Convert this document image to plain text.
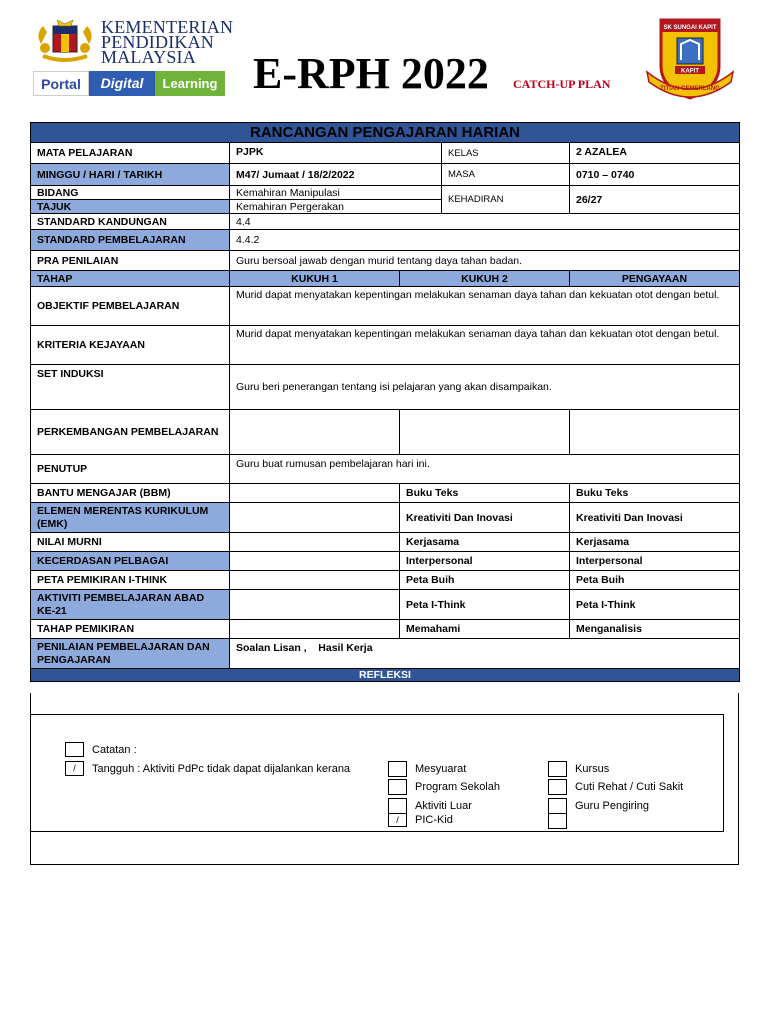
KEMENTERIAN
PENDIDIKAN
MALAYSIA
Portal	Digital	Learning E-RPH 2022 CATCH-UP PLAN
SK SUNGAI KAPIT
KAPIT
TITIAN CEMERLANG
RANCANGAN PENGAJARAN HARIAN				
MATA PELAJARAN	PJPK		KELAS	2 AZALEA
MINGGU / HARI / TARIKH	M47/ Jumaat / 18/2/2022		MASA	0710 – 0740
BIDANG	Kemahiran Manipulasi		KEHADIRAN	26/27
TAJUK	Kemahiran Pergerakan			
STANDARD KANDUNGAN	4.4			
STANDARD PEMBELAJARAN	4.4.2			
PRA PENILAIAN	Guru bersoal jawab dengan murid tentang daya tahan badan.			
TAHAP	KUKUH 1	KUKUH 2		PENGAYAAN
OBJEKTIF PEMBELAJARAN	Murid dapat menyatakan kepentingan melakukan senaman daya tahan dan kekuatan otot dengan betul.			
KRITERIA KEJAYAAN	Murid dapat menyatakan kepentingan melakukan senaman daya tahan dan kekuatan otot dengan betul.			
SET INDUKSI	Guru beri penerangan tentang isi pelajaran yang akan disampaikan.			
PERKEMBANGAN PEMBELAJARAN				
PENUTUP	Guru buat rumusan pembelajaran hari ini.			
BANTU MENGAJAR (BBM)		Buku Teks		Buku Teks
ELEMEN MERENTAS KURIKULUM (EMK)		Kreativiti Dan Inovasi		Kreativiti Dan Inovasi
NILAI MURNI		Kerjasama		Kerjasama
KECERDASAN PELBAGAI		Interpersonal		Interpersonal
PETA PEMIKIRAN I-THINK		Peta Buih		Peta Buih
AKTIVITI PEMBELAJARAN ABAD KE-21		Peta I-Think		Peta I-Think
TAHAP PEMIKIRAN		Memahami		Menganalisis
PENILAIAN PEMBELAJARAN DAN PENGAJARAN	Soalan Lisan ,    Hasil Kerja			
REFLEKSI				
Catatan :
/	Tangguh : Aktiviti PdPc tidak dapat dijalankan kerana	Mesyuarat
Program Sekolah
Aktiviti Luar
/	PIC-Kid
Kursus
Cuti Rehat / Cuti Sakit
Guru Pengiring
